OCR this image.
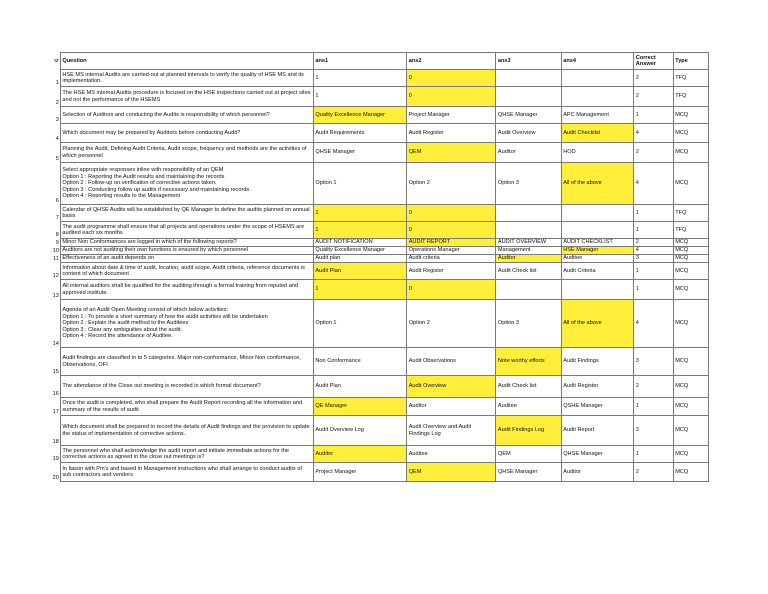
sr	Question	ans1	ans2	ans3	ans4	Correct Answer	Type
1	HSE MS internal Audits are carried-out at planned intervals to verify the quality of HSE MS and its implementation.	1	0			2	TFQ
2	The HSE MS internal Audits procedure is focused on the HSE inspections carried out at project sites and not the performance of the HSEMS	1	0			2	TFQ
3	Selection of Auditors and conducting the Audits is responsibility of which personnel?	Quality Excellence Manager	Project Manager	QHSE Manager	APC Management	1	MCQ
4	Which document may be prepared by Auditors before conducting Audit?	Audit Requirements	Audit Register	Audit Overview	Audit Checklist	4	MCQ
5	Planning the Audit, Defining Audit Criteria, Audit scope, frequency and methods are the activities of which personnel	QHSE Manager	QEM	Auditor	HOD	2	MCQ
6	Select appropriate responses inline with responsibility of an QEM
Option 1 : Reporting the Audit results and maintaining the records
Option 2 : Follow-up on verification of corrective actions taken.
Option 3 : Conducting follow up audits if necessary and maintaining records.
Option 4 : Reporting results to the Management	Option 1	Option 2	Option 3	All of the above	4	MCQ
7	Calendar of QHSE Audits will be established by QE Manager to define the audits planned on annual basis	1	0			1	TFQ
8	The audit programme shall ensure that all projects and operations under the scope of HSEMS are audited each six months	1	0			1	TFQ
9	Minor Non Conformances are logged in which of the following reports?	AUDIT NOTIFICATION	AUDIT REPORT	AUDIT OVERVIEW	AUDIT CHECKLIST	2	MCQ
10	Auditors are not auditing their own functions is ensured by which personnel	Quality Excellence Manager	Operations Manager	Management	HSE Manager	4	MCQ
11	Effectiveness of an audit depends on	Audit plan	Audit criteria	Auditor	Auditee	3	MCQ
12	Information about date & time of audit, location, audit scope, Audit criteria, reference documents is content of which document	Audit Plan	Audit Register	Audit Check list	Audit Criteria	1	MCQ
13	All internal auditors shall be qualified for the auditing through a formal training from reputed and approved institute.	1	0			1	MCQ
14	Agenda of an Audit Open Meeting consist of which below activities:
Option 1 : To provide a short summary of how the audit activities will be undertaken
Option 2 : Explain the audit method to the Auditees
Option 3 : Clear any ambiguities about the audit.
Option 4 : Record the attendance of Auditee.	Option 1	Option 2	Option 3	All of the above	4	MCQ
15	Audit findings are classified in to 5 categories. Major non-conformance, Minor Non conformance, Observations, OFI	Non Conformance	Audit Observations	Note worthy efforts	Audit Findings	3	MCQ
16	The attendance of the Close out meeting is recorded in which formal document?	Audit Plan	Audit Overview	Audit Check list	Audit Register	2	MCQ
17	Once the audit is completed, who shall prepare the Audit Report recording all the information and summary of the results of audit	QE Manager	Auditor	Auditee	QSHE Manager	1	MCQ
18	Which document shall be prepared to record the details of Audit findings and the provision to update the status of implementation of corrective actions.	Audit Overview Log	Audit Overview and Audit Findings Log	Audit Findings Log	Audit Report	3	MCQ
19	The personnel who shall acknowledge the audit report and initiate immediate actions for the corrective actions as agreed in the close out meetings is?	Auditor	Auditee	QEM	QHSE Manager	1	MCQ
20	In liason with Pm's and based in Management instructions who shall arrange to conduct audits of sub contractors and vendors	Project Manager	QEM	QHSE Manager	Auditor	2	MCQ
